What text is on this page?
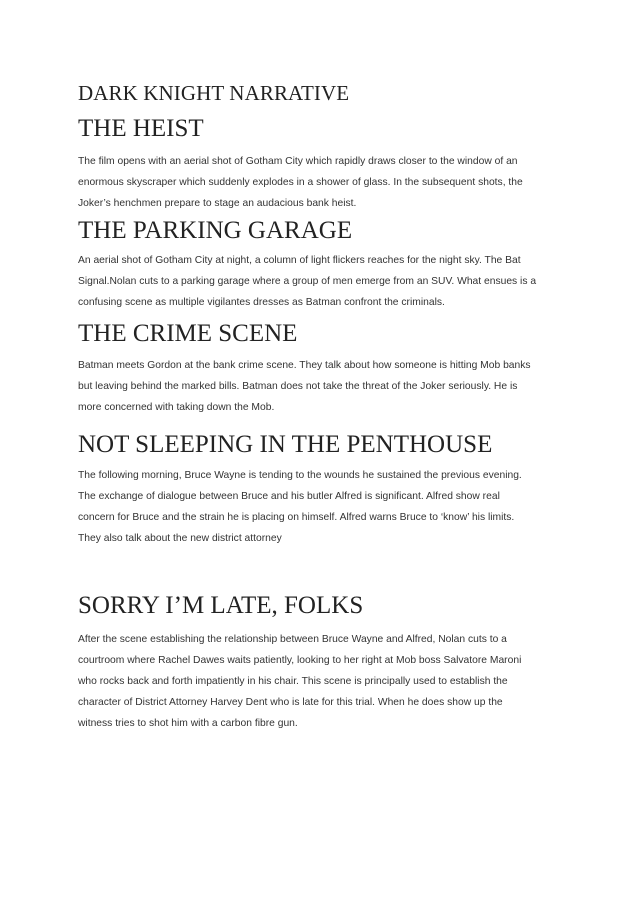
DARK KNIGHT NARRATIVE
THE HEIST

The film opens with an aerial shot of Gotham City which rapidly draws closer to the window of an
enormous skyscraper which suddenly explodes in a shower of glass. In the subsequent shots, the
Joker’s henchmen prepare to stage an audacious bank heist.

THE PARKING GARAGE

An aerial shot of Gotham City at night, a column of light flickers reaches for the night sky. The Bat
Signal.Nolan cuts to a parking garage where a group of men emerge from an SUV. What ensues is a
confusing scene as multiple vigilantes dresses as Batman confront the criminals.

THE CRIME SCENE

Batman meets Gordon at the bank crime scene. They talk about how someone is hitting Mob banks
but leaving behind the marked bills. Batman does not take the threat of the Joker seriously. He is
more concerned with taking down the Mob.

NOT SLEEPING IN THE PENTHOUSE

The following morning, Bruce Wayne is tending to the wounds he sustained the previous evening.
The exchange of dialogue between Bruce and his butler Alfred is significant. Alfred show real
concern for Bruce and the strain he is placing on himself. Alfred warns Bruce to ‘know’ his limits.
They also talk about the new district attorney

SORRY I’M LATE, FOLKS

After the scene establishing the relationship between Bruce Wayne and Alfred, Nolan cuts to a
courtroom where Rachel Dawes waits patiently, looking to her right at Mob boss Salvatore Maroni
who rocks back and forth impatiently in his chair. This scene is principally used to establish the
character of District Attorney Harvey Dent who is late for this trial. When he does show up the
witness tries to shot him with a carbon fibre gun.
